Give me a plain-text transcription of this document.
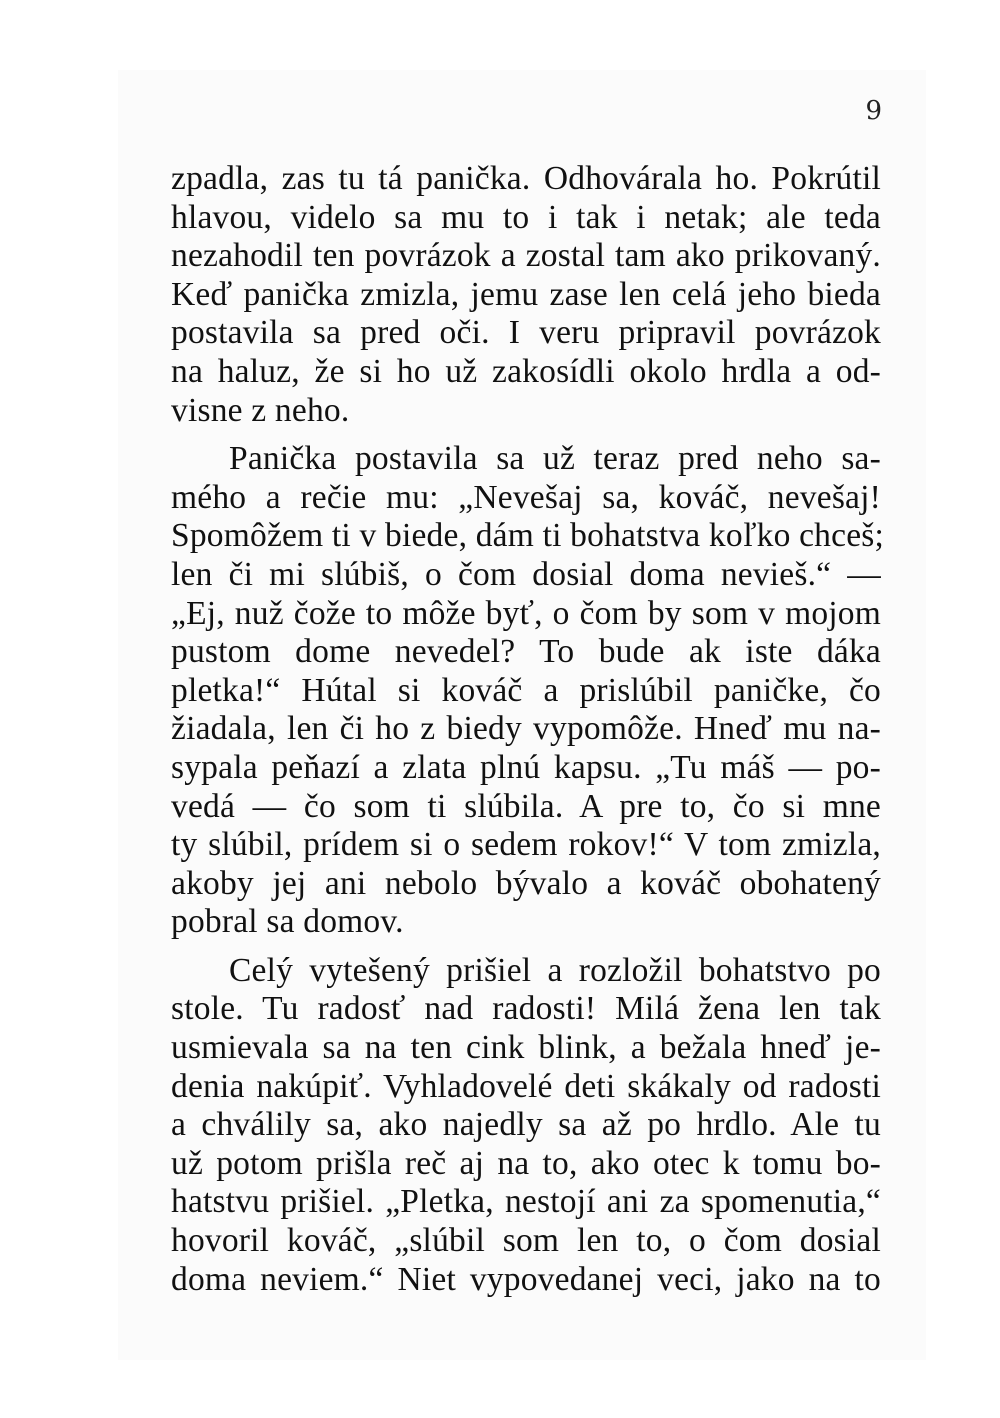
9

zpadla, zas tu tá panička. Odhovárala ho. Pokrútil
hlavou, videlo sa mu to i tak i netak; ale teda
nezahodil ten povrázok a zostal tam ako prikovaný.
Keď panička zmizla, jemu zase len celá jeho bieda
postavila sa pred oči. I veru pripravil povrázok
na haluz, že si ho už zakosídli okolo hrdla a od-
visne z neho.

Panička postavila sa už teraz pred neho sa-
mého a rečie mu: „Nevešaj sa, kováč, nevešaj!
Spomôžem ti v biede, dám ti bohatstva koľko chceš;
len či mi slúbiš, o čom dosial doma nevieš.“ —
„Ej, nuž čože to môže byť, o čom by som v mojom
pustom dome nevedel? To bude ak iste dáka
pletka!“ Hútal si kováč a prislúbil paničke, čo
žiadala, len či ho z biedy vypomôže. Hneď mu na-
sypala peňazí a zlata plnú kapsu. „Tu máš — po-
vedá — čo som ti slúbila. A pre to, čo si mne
ty slúbil, prídem si o sedem rokov!“ V tom zmizla,
akoby jej ani nebolo bývalo a kováč obohatený
pobral sa domov.

Celý vytešený prišiel a rozložil bohatstvo po
stole. Tu radosť nad radosti! Milá žena len tak
usmievala sa na ten cink blink, a bežala hneď je-
denia nakúpiť. Vyhladovelé deti skákaly od radosti
a chválily sa, ako najedly sa až po hrdlo. Ale tu
už potom prišla reč aj na to, ako otec k tomu bo-
hatstvu prišiel. „Pletka, nestojí ani za spomenutia,“
hovoril kováč, „slúbil som len to, o čom dosial
doma neviem.“ Niet vypovedanej veci, jako na to
